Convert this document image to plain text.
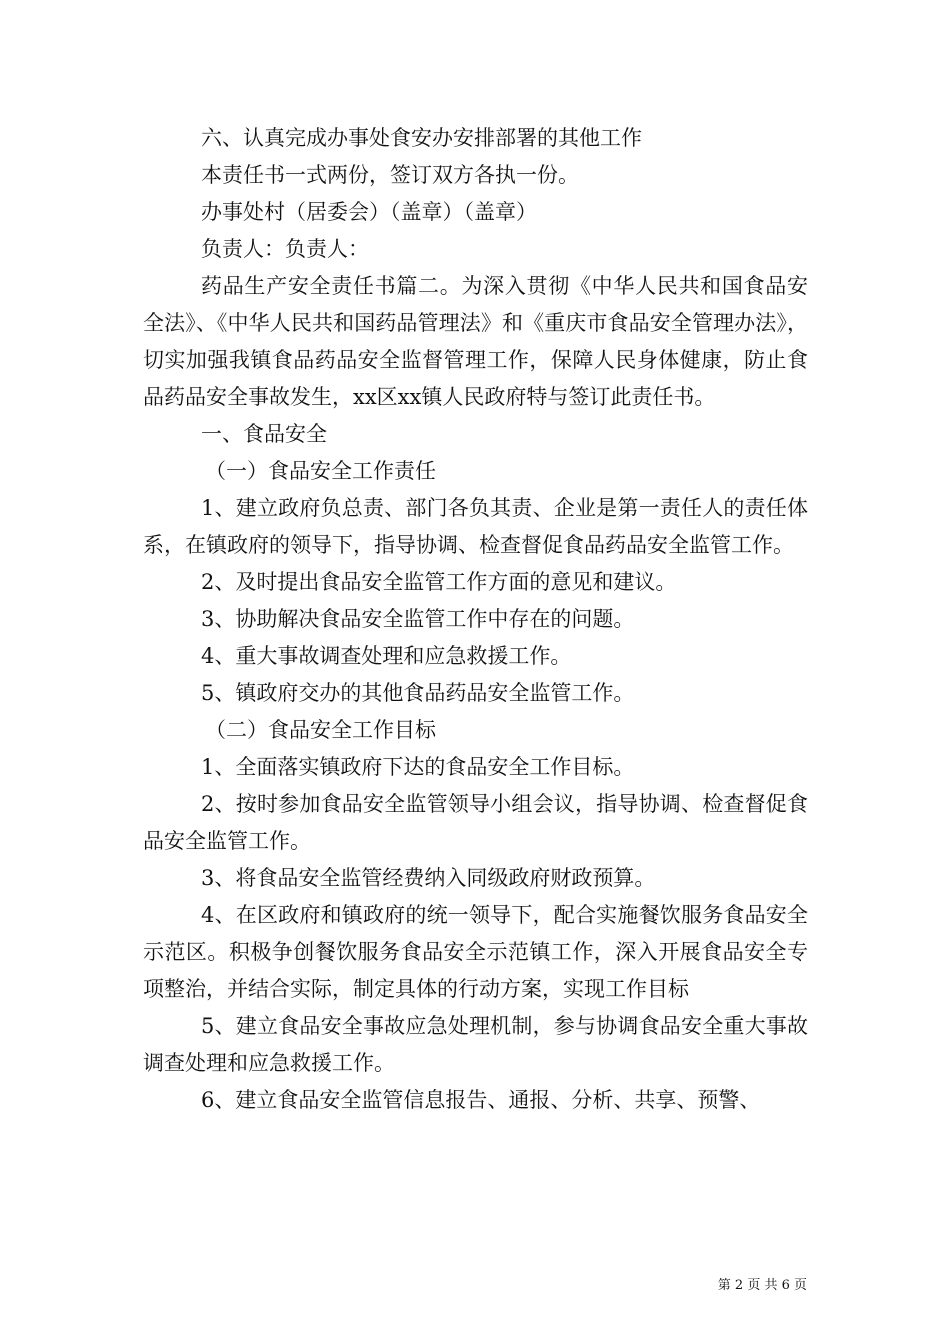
六、认真完成办事处食安办安排部署的其他工作

本责任书一式两份，签订双方各执一份。

办事处村（居委会）（盖章）（盖章）

负责人：负责人：

药品生产安全责任书篇二。为深入贯彻《中华人民共和国食品安全法》、《中华人民共和国药品管理法》和《重庆市食品安全管理办法》，切实加强我镇食品药品安全监督管理工作，保障人民身体健康，防止食品药品安全事故发生，xx区xx镇人民政府特与签订此责任书。

一、食品安全

（一）食品安全工作责任

1、建立政府负总责、部门各负其责、企业是第一责任人的责任体系，在镇政府的领导下，指导协调、检查督促食品药品安全监管工作。

2、及时提出食品安全监管工作方面的意见和建议。

3、协助解决食品安全监管工作中存在的问题。

4、重大事故调查处理和应急救援工作。

5、镇政府交办的其他食品药品安全监管工作。

（二）食品安全工作目标

1、全面落实镇政府下达的食品安全工作目标。

2、按时参加食品安全监管领导小组会议，指导协调、检查督促食品安全监管工作。

3、将食品安全监管经费纳入同级政府财政预算。

4、在区政府和镇政府的统一领导下，配合实施餐饮服务食品安全示范区。积极争创餐饮服务食品安全示范镇工作，深入开展食品安全专项整治，并结合实际，制定具体的行动方案，实现工作目标

5、建立食品安全事故应急处理机制，参与协调食品安全重大事故调查处理和应急救援工作。

6、建立食品安全监管信息报告、通报、分析、共享、预警、

第 2 页 共 6 页
